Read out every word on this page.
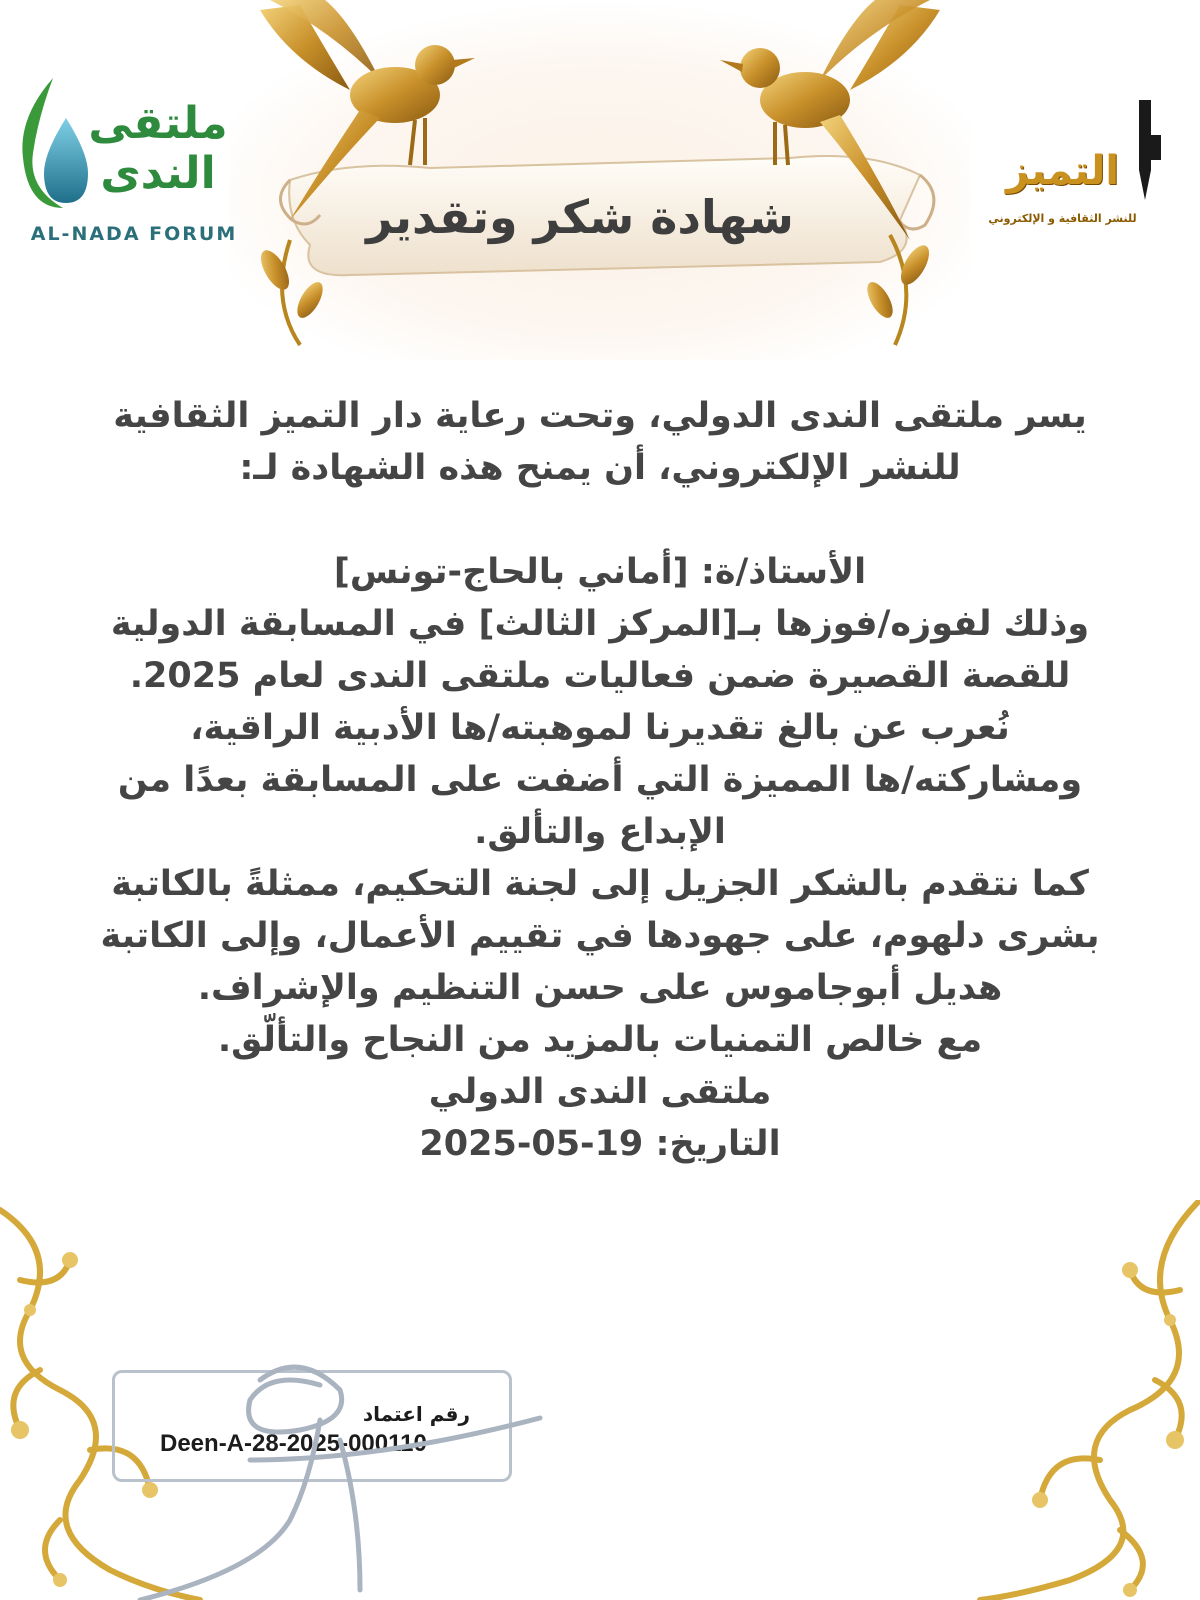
شهادة شكر وتقدير
ملتقى
الندى
AL-NADA FORUM
التميز
للنشر الثقافية و الإلكتروني
يسر ملتقى الندى الدولي، وتحت رعاية دار التميز الثقافية
للنشر الإلكتروني، أن يمنح هذه الشهادة لـ:
الأستاذ/ة: [أماني بالحاج-تونس]
وذلك لفوزه/فوزها بـ[المركز الثالث] في المسابقة الدولية
للقصة القصيرة ضمن فعاليات ملتقى الندى لعام 2025.
نُعرب عن بالغ تقديرنا لموهبته/ها الأدبية الراقية،
ومشاركته/ها المميزة التي أضفت على المسابقة بعدًا من
الإبداع والتألق.
كما نتقدم بالشكر الجزيل إلى لجنة التحكيم، ممثلةً بالكاتبة
بشرى دلهوم، على جهودها في تقييم الأعمال، وإلى الكاتبة
هديل أبوجاموس على حسن التنظيم والإشراف.
مع خالص التمنيات بالمزيد من النجاح والتألّق.
ملتقى الندى الدولي
التاريخ: 2025-05-19
رقم اعتماد
Deen-A-28-2025-000110
